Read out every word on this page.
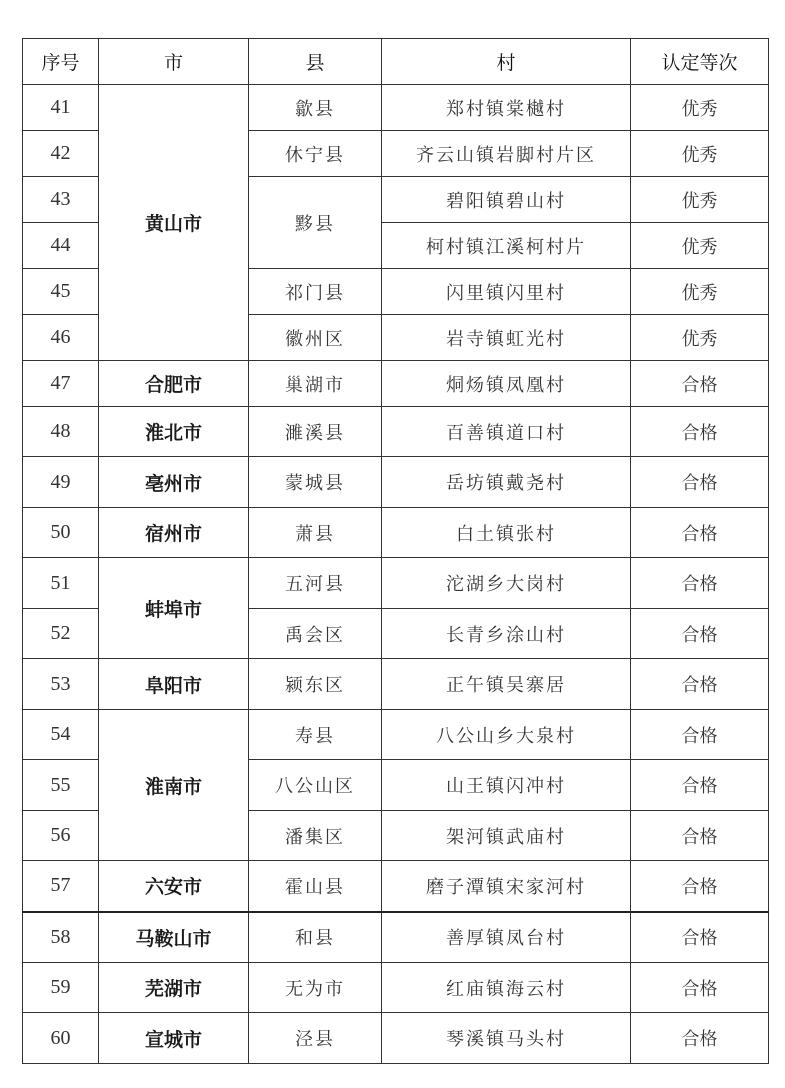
序号	市	县	村	认定等次
41	黄山市	歙县	郑村镇棠樾村	优秀
42		休宁县	齐云山镇岩脚村片区	优秀
43		黟县	碧阳镇碧山村	优秀
44			柯村镇江溪柯村片	优秀
45		祁门县	闪里镇闪里村	优秀
46		徽州区	岩寺镇虹光村	优秀
47	合肥市	巢湖市	烔炀镇凤凰村	合格
48	淮北市	濉溪县	百善镇道口村	合格
49	亳州市	蒙城县	岳坊镇戴尧村	合格
50	宿州市	萧县	白土镇张村	合格
51	蚌埠市	五河县	沱湖乡大岗村	合格
52		禹会区	长青乡涂山村	合格
53	阜阳市	颍东区	正午镇吴寨居	合格
54	淮南市	寿县	八公山乡大泉村	合格
55		八公山区	山王镇闪冲村	合格
56		潘集区	架河镇武庙村	合格
57	六安市	霍山县	磨子潭镇宋家河村	合格
58	马鞍山市	和县	善厚镇凤台村	合格
59	芜湖市	无为市	红庙镇海云村	合格
60	宣城市	泾县	琴溪镇马头村	合格
